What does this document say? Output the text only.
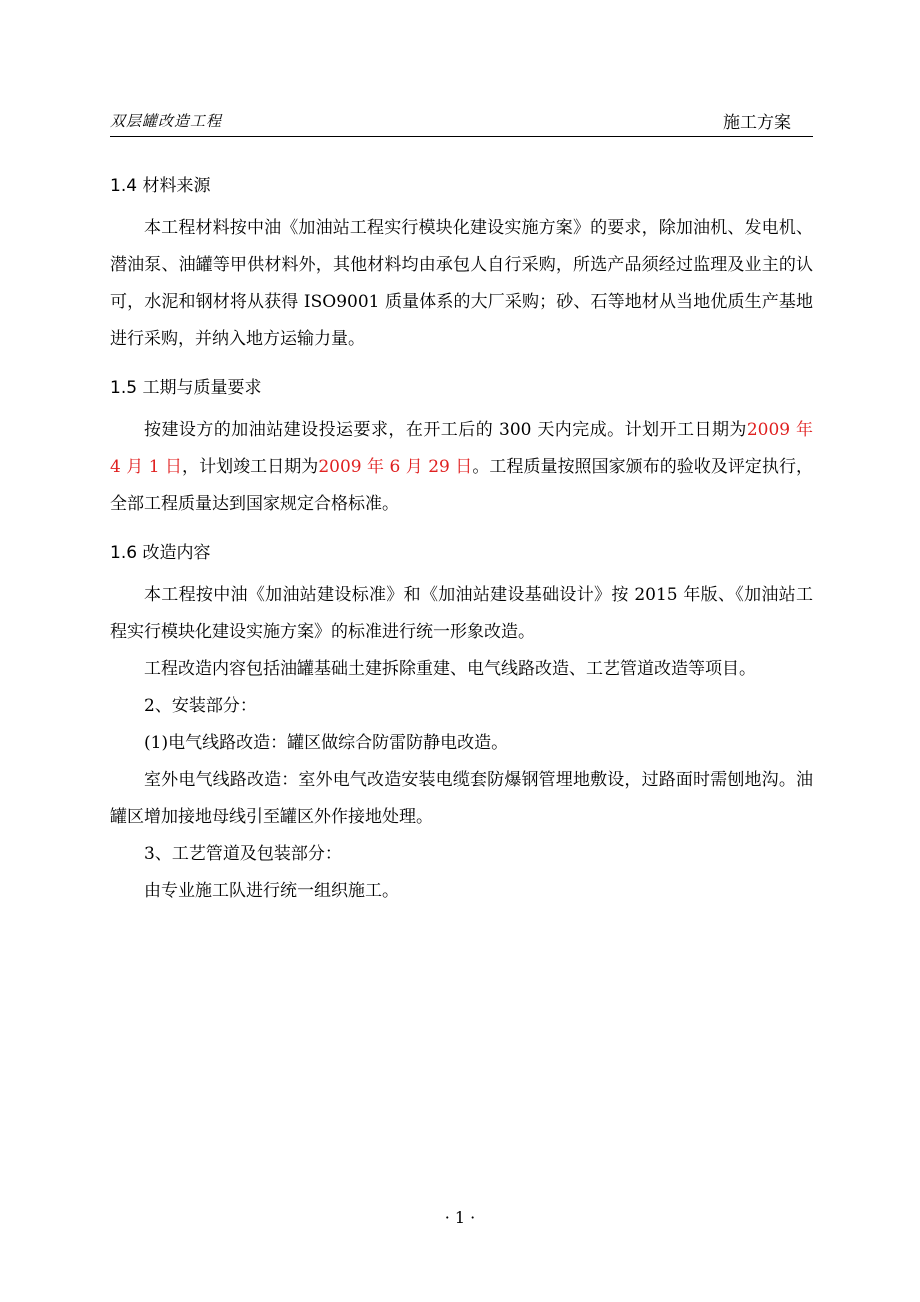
双层罐改造工程	施工方案
1.4 材料来源

本工程材料按中油《加油站工程实行模块化建设实施方案》的要求，除加油机、发电机、潜油泵、油罐等甲供材料外，其他材料均由承包人自行采购，所选产品须经过监理及业主的认可，水泥和钢材将从获得 ISO9001 质量体系的大厂采购；砂、石等地材从当地优质生产基地进行采购，并纳入地方运输力量。

1.5 工期与质量要求

按建设方的加油站建设投运要求，在开工后的 300 天内完成。计划开工日期为2009 年 4 月 1 日，计划竣工日期为2009 年 6 月 29 日。工程质量按照国家颁布的验收及评定执行，全部工程质量达到国家规定合格标准。

1.6 改造内容

本工程按中油《加油站建设标准》和《加油站建设基础设计》按 2015 年版、《加油站工程实行模块化建设实施方案》的标准进行统一形象改造。

工程改造内容包括油罐基础土建拆除重建、电气线路改造、工艺管道改造等项目。

2、安装部分：

(1)电气线路改造：罐区做综合防雷防静电改造。

室外电气线路改造：室外电气改造安装电缆套防爆钢管埋地敷设，过路面时需刨地沟。油罐区增加接地母线引至罐区外作接地处理。

3、工艺管道及包装部分：

由专业施工队进行统一组织施工。

· 1 ·
